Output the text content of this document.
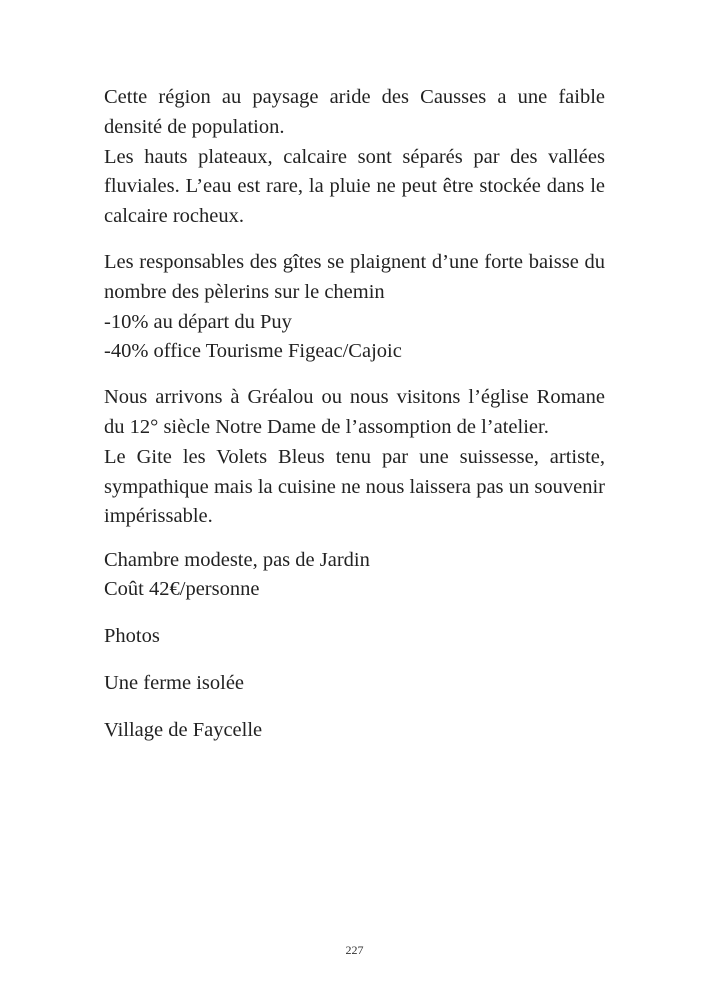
Cette région au paysage aride des Causses a une faible densité de population.
Les hauts plateaux, calcaire sont séparés par des vallées fluviales. L’eau est rare, la pluie ne peut être stockée dans le calcaire rocheux.
Les responsables des gîtes se plaignent d’une forte baisse du nombre des pèlerins sur le chemin
-10% au départ du Puy
-40% office Tourisme Figeac/Cajoic
Nous arrivons à Gréalou ou nous visitons l’église Romane du 12° siècle Notre Dame de l’assomption de l’atelier.
Le Gite les Volets Bleus tenu par une suissesse, artiste, sympathique mais la cuisine ne nous laissera pas un souvenir impérissable.
Chambre modeste, pas de Jardin
Coût 42€/personne
Photos
Une ferme isolée
Village de Faycelle
227
